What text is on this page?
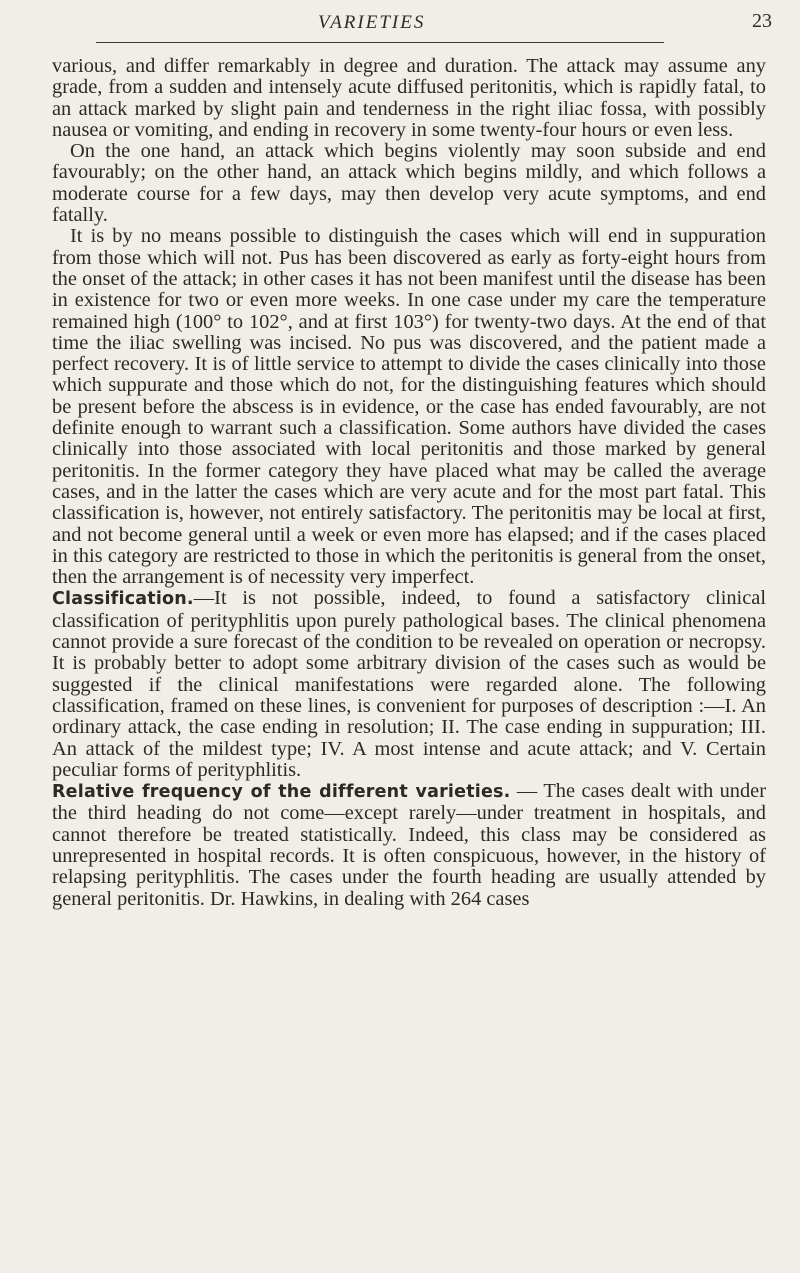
VARIETIES	23

various, and differ remarkably in degree and duration. The attack may assume any grade, from a sudden and intensely acute diffused peritonitis, which is rapidly fatal, to an attack marked by slight pain and tenderness in the right iliac fossa, with possibly nausea or vomiting, and ending in recovery in some twenty-four hours or even less.

On the one hand, an attack which begins violently may soon subside and end favourably; on the other hand, an attack which begins mildly, and which follows a moderate course for a few days, may then develop very acute symptoms, and end fatally.

It is by no means possible to distinguish the cases which will end in suppuration from those which will not. Pus has been discovered as early as forty-eight hours from the onset of the attack; in other cases it has not been manifest until the disease has been in existence for two or even more weeks. In one case under my care the temperature remained high (100° to 102°, and at first 103°) for twenty-two days. At the end of that time the iliac swelling was incised. No pus was discovered, and the patient made a perfect recovery. It is of little service to attempt to divide the cases clinically into those which suppurate and those which do not, for the distinguishing features which should be present before the abscess is in evidence, or the case has ended favourably, are not definite enough to warrant such a classification. Some authors have divided the cases clinically into those associated with local peritonitis and those marked by general peritonitis. In the former category they have placed what may be called the average cases, and in the latter the cases which are very acute and for the most part fatal. This classification is, however, not entirely satisfactory. The peritonitis may be local at first, and not become general until a week or even more has elapsed; and if the cases placed in this category are restricted to those in which the peritonitis is general from the onset, then the arrangement is of necessity very imperfect.

Classification.—It is not possible, indeed, to found a satisfactory clinical classification of perityphlitis upon purely pathological bases. The clinical phenomena cannot provide a sure forecast of the condition to be revealed on operation or necropsy. It is probably better to adopt some arbitrary division of the cases such as would be suggested if the clinical manifestations were regarded alone. The following classification, framed on these lines, is convenient for purposes of description :—I. An ordinary attack, the case ending in resolution; II. The case ending in suppuration; III. An attack of the mildest type; IV. A most intense and acute attack; and V. Certain peculiar forms of perityphlitis.

Relative frequency of the different varieties. — The cases dealt with under the third heading do not come—except rarely—under treatment in hospitals, and cannot therefore be treated statistically. Indeed, this class may be considered as unrepresented in hospital records. It is often conspicuous, however, in the history of relapsing perityphlitis. The cases under the fourth heading are usually attended by general peritonitis. Dr. Hawkins, in dealing with 264 cases
